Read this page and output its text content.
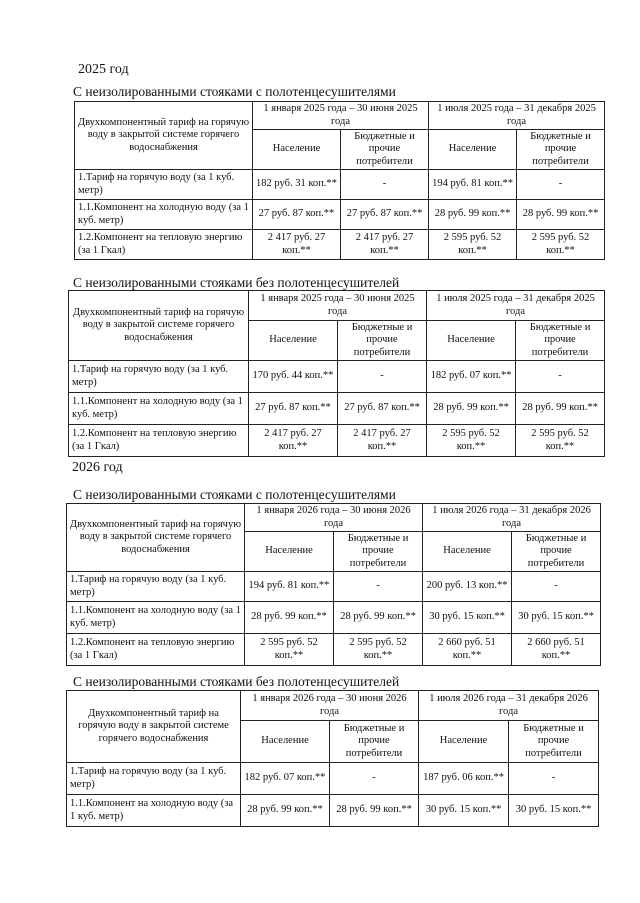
2025 год
С неизолированными стояками с полотенцесушителями
Двухкомпонентный тариф на горячую воду в закрытой системе горячего водоснабжения	1 января 2025 года – 30 июня 2025 года		1 июля 2025 года – 31 декабря 2025 года	
	Население	Бюджетные и прочие потребители	Население	Бюджетные и прочие потребители
1.Тариф на горячую воду (за 1 куб. метр)	182 руб. 31 коп.**	-	194 руб. 81 коп.**	-
1.1.Компонент на холодную воду (за 1 куб. метр)	27 руб. 87 коп.**	27 руб. 87 коп.**	28 руб. 99 коп.**	28 руб. 99 коп.**
1.2.Компонент на тепловую энергию (за 1 Гкал)	2 417 руб. 27 коп.**	2 417 руб. 27 коп.**	2 595 руб. 52 коп.**	2 595 руб. 52 коп.**
С неизолированными стояками без полотенцесушителей
Двухкомпонентный тариф на горячую воду в закрытой системе горячего водоснабжения	1 января 2025 года – 30 июня 2025 года		1 июля 2025 года – 31 декабря 2025 года	
	Население	Бюджетные и прочие потребители	Население	Бюджетные и прочие потребители
1.Тариф на горячую воду (за 1 куб. метр)	170 руб. 44 коп.**	-	182 руб. 07 коп.**	-
1.1.Компонент на холодную воду (за 1 куб. метр)	27 руб. 87 коп.**	27 руб. 87 коп.**	28 руб. 99 коп.**	28 руб. 99 коп.**
1.2.Компонент на тепловую энергию (за 1 Гкал)	2 417 руб. 27 коп.**	2 417 руб. 27 коп.**	2 595 руб. 52 коп.**	2 595 руб. 52 коп.**
2026 год
С неизолированными стояками с полотенцесушителями
Двухкомпонентный тариф на горячую воду в закрытой системе горячего водоснабжения	1 января 2026 года – 30 июня 2026 года		1 июля 2026 года – 31 декабря 2026 года	
	Население	Бюджетные и прочие потребители	Население	Бюджетные и прочие потребители
1.Тариф на горячую воду (за 1 куб. метр)	194 руб. 81 коп.**	-	200 руб. 13 коп.**	-
1.1.Компонент на холодную воду (за 1 куб. метр)	28 руб. 99 коп.**	28 руб. 99 коп.**	30 руб. 15 коп.**	30 руб. 15 коп.**
1.2.Компонент на тепловую энергию (за 1 Гкал)	2 595 руб. 52 коп.**	2 595 руб. 52 коп.**	2 660 руб. 51 коп.**	2 660 руб. 51 коп.**
С неизолированными стояками без полотенцесушителей
Двухкомпонентный тариф на горячую воду в закрытой системе горячего водоснабжения	1 января 2026 года – 30 июня 2026 года		1 июля 2026 года – 31 декабря 2026 года	
	Население	Бюджетные и прочие потребители	Население	Бюджетные и прочие потребители
1.Тариф на горячую воду (за 1 куб. метр)	182 руб. 07 коп.**	-	187 руб. 06 коп.**	-
1.1.Компонент на холодную воду (за 1 куб. метр)	28 руб. 99 коп.**	28 руб. 99 коп.**	30 руб. 15 коп.**	30 руб. 15 коп.**
